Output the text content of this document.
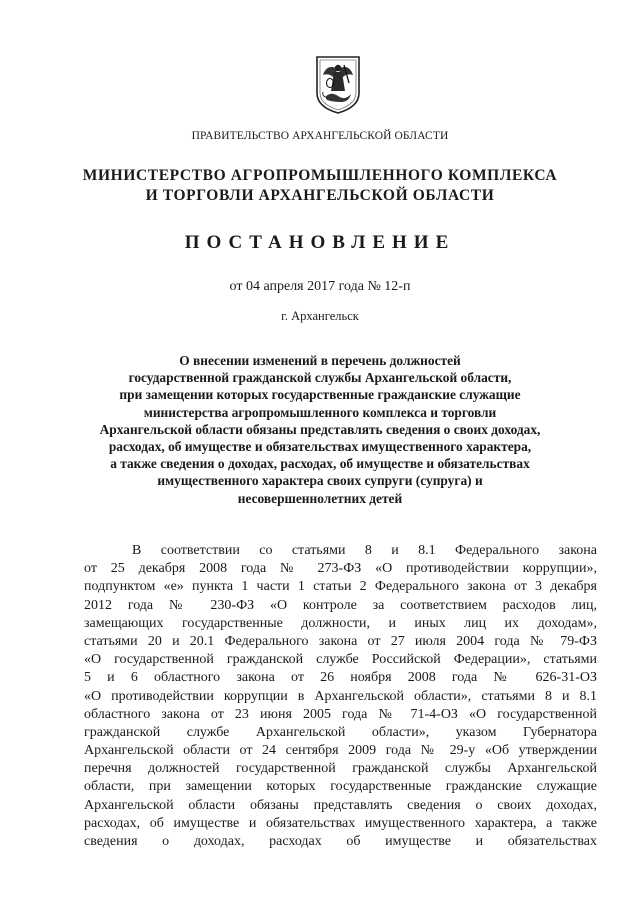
ПРАВИТЕЛЬСТВО АРХАНГЕЛЬСКОЙ ОБЛАСТИ
МИНИСТЕРСТВО АГРОПРОМЫШЛЕННОГО КОМПЛЕКСА
И ТОРГОВЛИ АРХАНГЕЛЬСКОЙ ОБЛАСТИ
ПОСТАНОВЛЕНИЕ
от 04 апреля 2017 года № 12-п
г. Архангельск
О внесении изменений в перечень должностей
государственной гражданской службы Архангельской области,
при замещении которых государственные гражданские служащие
министерства агропромышленного комплекса и торговли
Архангельской области обязаны представлять сведения о своих доходах,
расходах, об имуществе и обязательствах имущественного характера,
а также сведения о доходах, расходах, об имуществе и обязательствах
имущественного характера своих супруги (супруга) и
несовершеннолетних детей
В соответствии со статьями 8 и 8.1 Федерального закона
от 25 декабря 2008 года № 273-ФЗ «О противодействии коррупции»,
подпунктом «е» пункта 1 части 1 статьи 2 Федерального закона от 3 декабря
2012 года № 230-ФЗ «О контроле за соответствием расходов лиц,
замещающих государственные должности, и иных лиц их доходам»,
статьями 20 и 20.1 Федерального закона от 27 июля 2004 года № 79-ФЗ
«О государственной гражданской службе Российской Федерации», статьями
5 и 6 областного закона от 26 ноября 2008 года № 626-31-ОЗ
«О противодействии коррупции в Архангельской области», статьями 8 и 8.1
областного закона от 23 июня 2005 года № 71-4-ОЗ «О государственной
гражданской службе Архангельской области», указом Губернатора
Архангельской области от 24 сентября 2009 года № 29-у «Об утверждении
перечня должностей государственной гражданской службы Архангельской
области, при замещении которых государственные гражданские служащие
Архангельской области обязаны представлять сведения о своих доходах,
расходах, об имуществе и обязательствах имущественного характера, а также
сведения о доходах, расходах об имуществе и обязательствах
